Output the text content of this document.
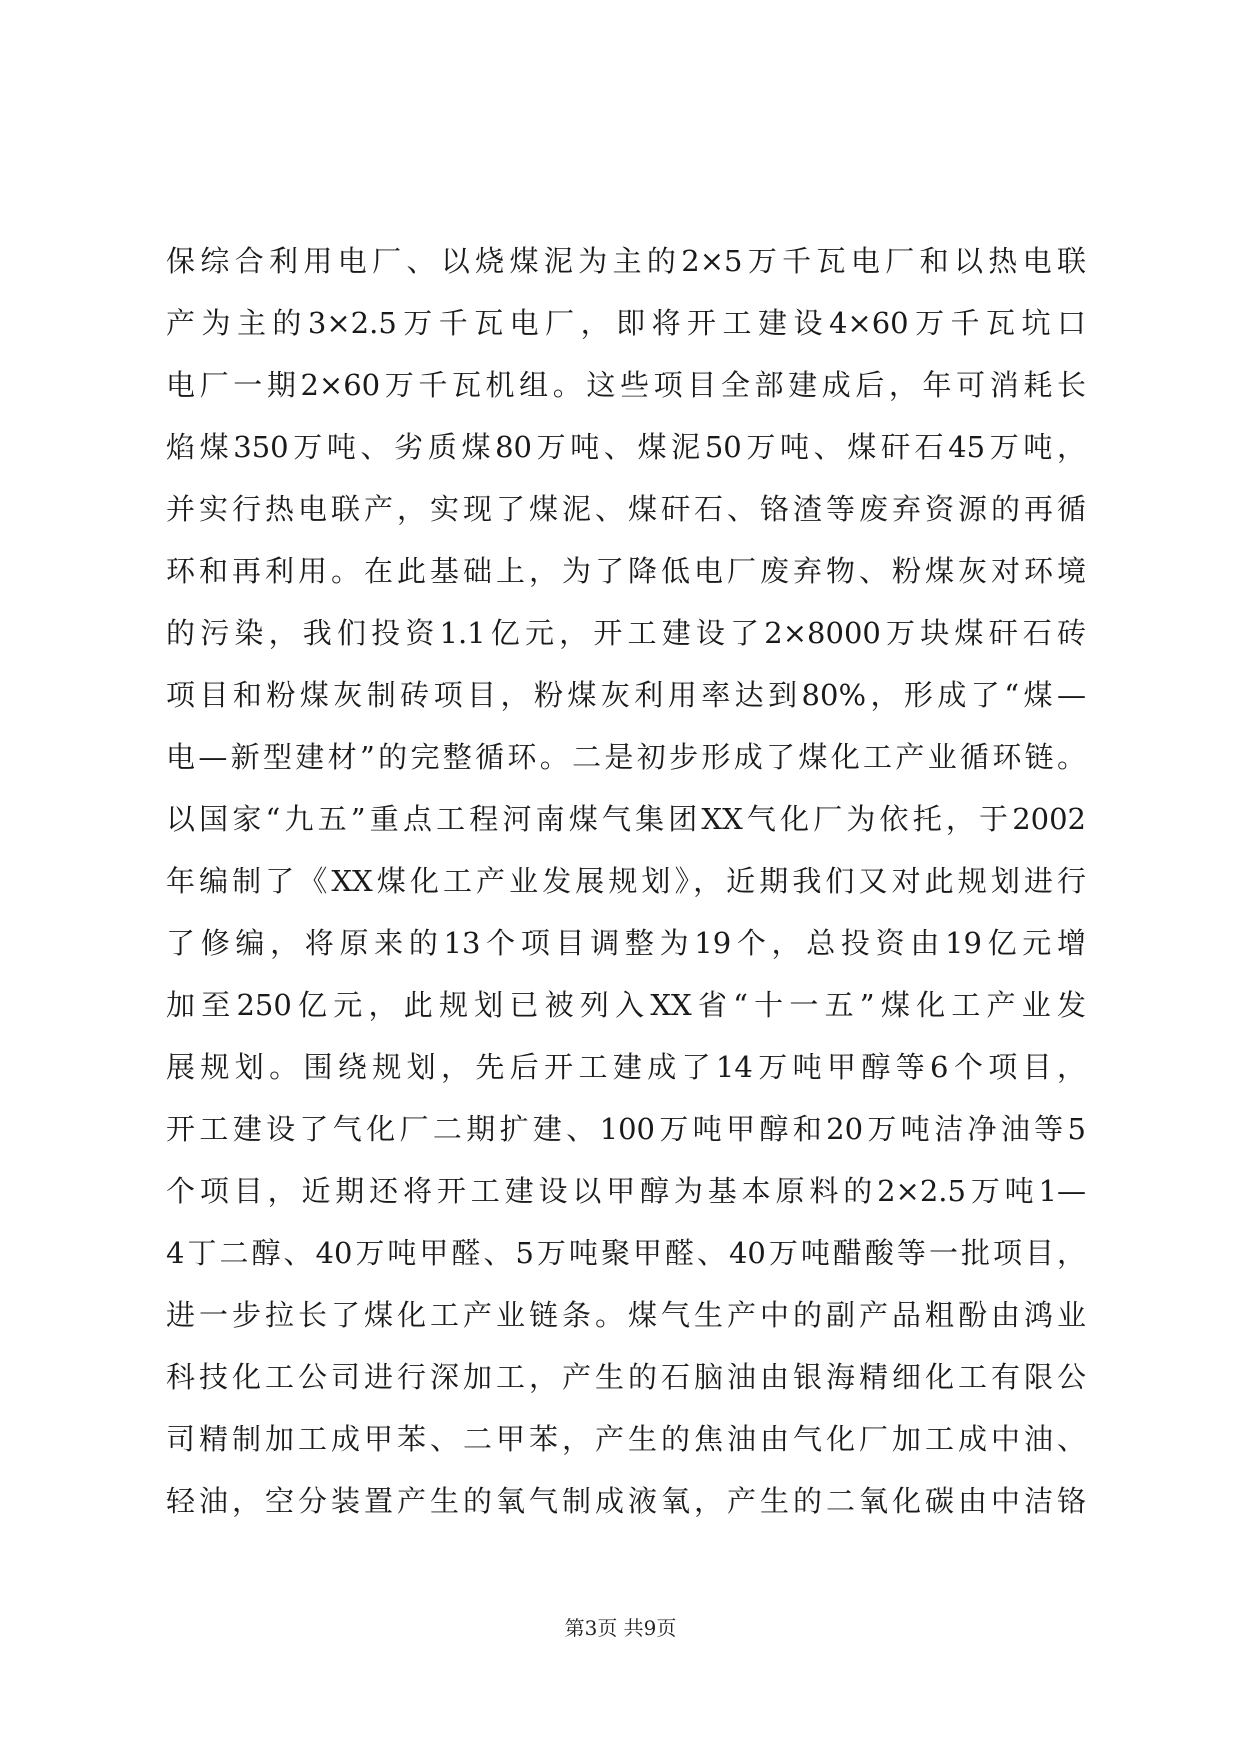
保综合利用电厂、以烧煤泥为主的2×5万千瓦电厂和以热电联
产为主的3×2.5万千瓦电厂，即将开工建设4×60万千瓦坑口
电厂一期2×60万千瓦机组。这些项目全部建成后，年可消耗长
焰煤350万吨、劣质煤80万吨、煤泥50万吨、煤矸石45万吨，
并实行热电联产，实现了煤泥、煤矸石、铬渣等废弃资源的再循
环和再利用。在此基础上，为了降低电厂废弃物、粉煤灰对环境
的污染，我们投资1.1亿元，开工建设了2×8000万块煤矸石砖
项目和粉煤灰制砖项目，粉煤灰利用率达到80%，形成了“煤—
电—新型建材”的完整循环。二是初步形成了煤化工产业循环链。
以国家“九五”重点工程河南煤气集团XX气化厂为依托，于2002
年编制了《XX煤化工产业发展规划》，近期我们又对此规划进行
了修编，将原来的13个项目调整为19个，总投资由19亿元增
加至250亿元，此规划已被列入XX省“十一五”煤化工产业发
展规划。围绕规划，先后开工建成了14万吨甲醇等6个项目，
开工建设了气化厂二期扩建、100万吨甲醇和20万吨洁净油等5
个项目，近期还将开工建设以甲醇为基本原料的2×2.5万吨1—
4丁二醇、40万吨甲醛、5万吨聚甲醛、40万吨醋酸等一批项目，
进一步拉长了煤化工产业链条。煤气生产中的副产品粗酚由鸿业
科技化工公司进行深加工，产生的石脑油由银海精细化工有限公
司精制加工成甲苯、二甲苯，产生的焦油由气化厂加工成中油、
轻油，空分装置产生的氧气制成液氧，产生的二氧化碳由中洁铬
第3页 共9页
